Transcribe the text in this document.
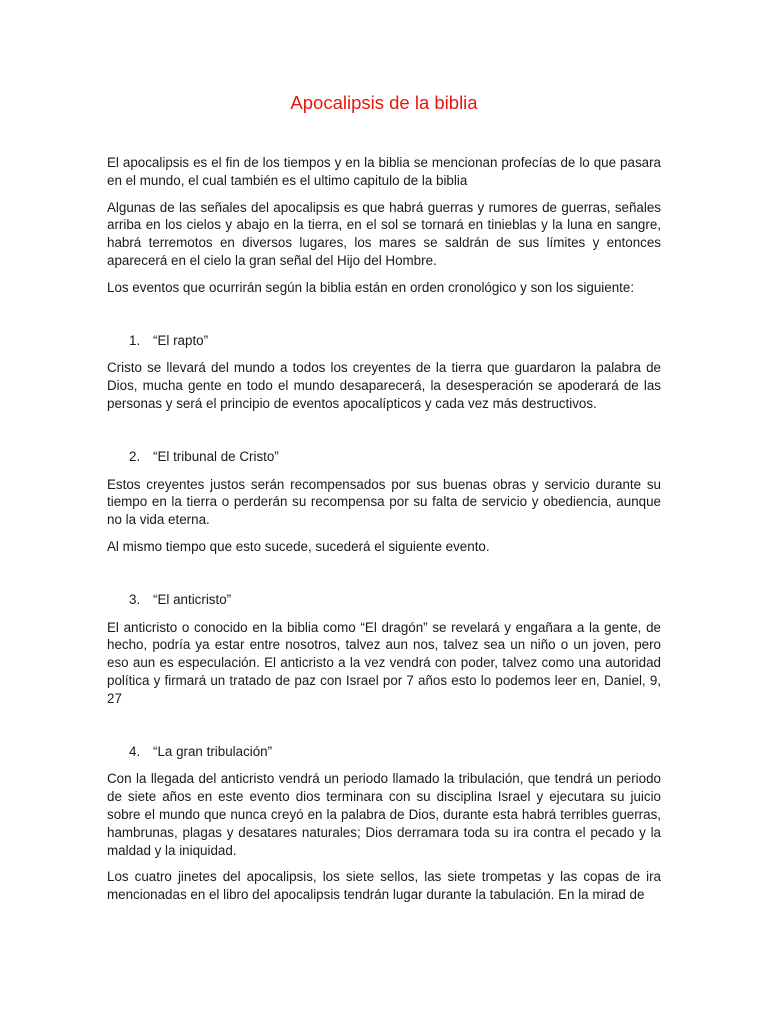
Apocalipsis de la biblia

El apocalipsis es el fin de los tiempos y en la biblia se mencionan profecías de lo que pasara en el mundo, el cual también es el ultimo capitulo de la biblia

Algunas de las señales del apocalipsis es que habrá guerras y rumores de guerras, señales arriba en los cielos y abajo en la tierra, en el sol se tornará en tinieblas y la luna en sangre, habrá terremotos en diversos lugares, los mares se saldrán de sus límites y entonces aparecerá en el cielo la gran señal del Hijo del Hombre.

Los eventos que ocurrirán según la biblia están en orden cronológico y son los siguiente:

1. “El rapto”

Cristo se llevará del mundo a todos los creyentes de la tierra que guardaron la palabra de Dios, mucha gente en todo el mundo desaparecerá, la desesperación se apoderará de las personas y será el principio de eventos apocalípticos y cada vez más destructivos.

2. “El tribunal de Cristo”

Estos creyentes justos serán recompensados por sus buenas obras y servicio durante su tiempo en la tierra o perderán su recompensa por su falta de servicio y obediencia, aunque no la vida eterna.

Al mismo tiempo que esto sucede, sucederá el siguiente evento.

3. “El anticristo”

El anticristo o conocido en la biblia como “El dragón” se revelará y engañara a la gente, de hecho, podría ya estar entre nosotros, talvez aun nos, talvez sea un niño o un joven, pero eso aun es especulación. El anticristo a la vez vendrá con poder, talvez como una autoridad política y firmará un tratado de paz con Israel por 7 años esto lo podemos leer en, Daniel, 9, 27

4. “La gran tribulación”

Con la llegada del anticristo vendrá un periodo llamado la tribulación, que tendrá un periodo de siete años en este evento dios terminara con su disciplina Israel y ejecutara su juicio sobre el mundo que nunca creyó en la palabra de Dios, durante esta habrá terribles guerras, hambrunas, plagas y desatares naturales; Dios derramara toda su ira contra el pecado y la maldad y la iniquidad.

Los cuatro jinetes del apocalipsis, los siete sellos, las siete trompetas y las copas de ira mencionadas en el libro del apocalipsis tendrán lugar durante la tabulación. En la mirad de
